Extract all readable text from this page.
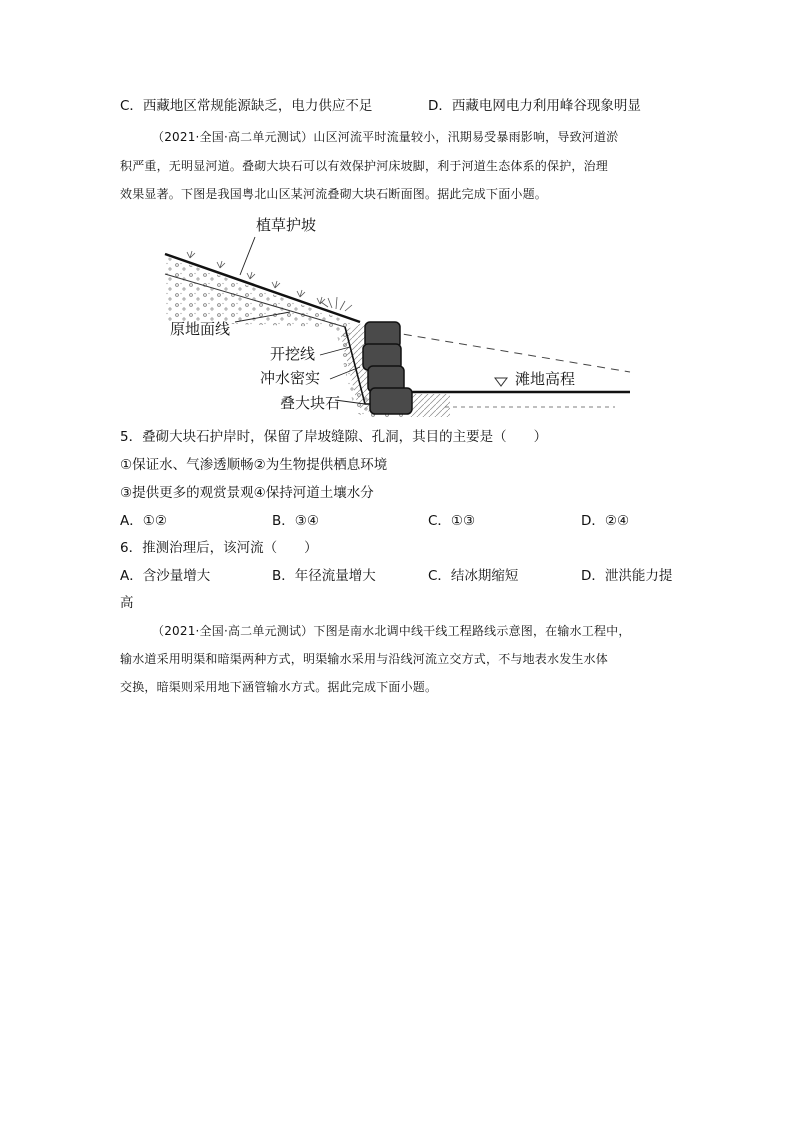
C．西藏地区常规能源缺乏，电力供应不足	D．西藏电网电力利用峰谷现象明显
（2021·全国·高二单元测试）山区河流平时流量较小，汛期易受暴雨影响，导致河道淤
积严重，无明显河道。叠砌大块石可以有效保护河床坡脚，利于河道生态体系的保护，治理
效果显著。下图是我国粤北山区某河流叠砌大块石断面图。据此完成下面小题。
植草护坡
原地面线
开挖线
冲水密实
叠大块石
滩地高程
5．叠砌大块石护岸时，保留了岸坡缝隙、孔洞，其目的主要是（　　）
①保证水、气渗透顺畅②为生物提供栖息环境
③提供更多的观赏景观④保持河道土壤水分
A．①②	B．③④	C．①③	D．②④
6．推测治理后，该河流（　　）
A．含沙量增大	B．年径流量增大	C．结冰期缩短	D．泄洪能力提
高
（2021·全国·高二单元测试）下图是南水北调中线干线工程路线示意图，在输水工程中，
输水道采用明渠和暗渠两种方式，明渠输水采用与沿线河流立交方式，不与地表水发生水体
交换，暗渠则采用地下涵管输水方式。据此完成下面小题。
